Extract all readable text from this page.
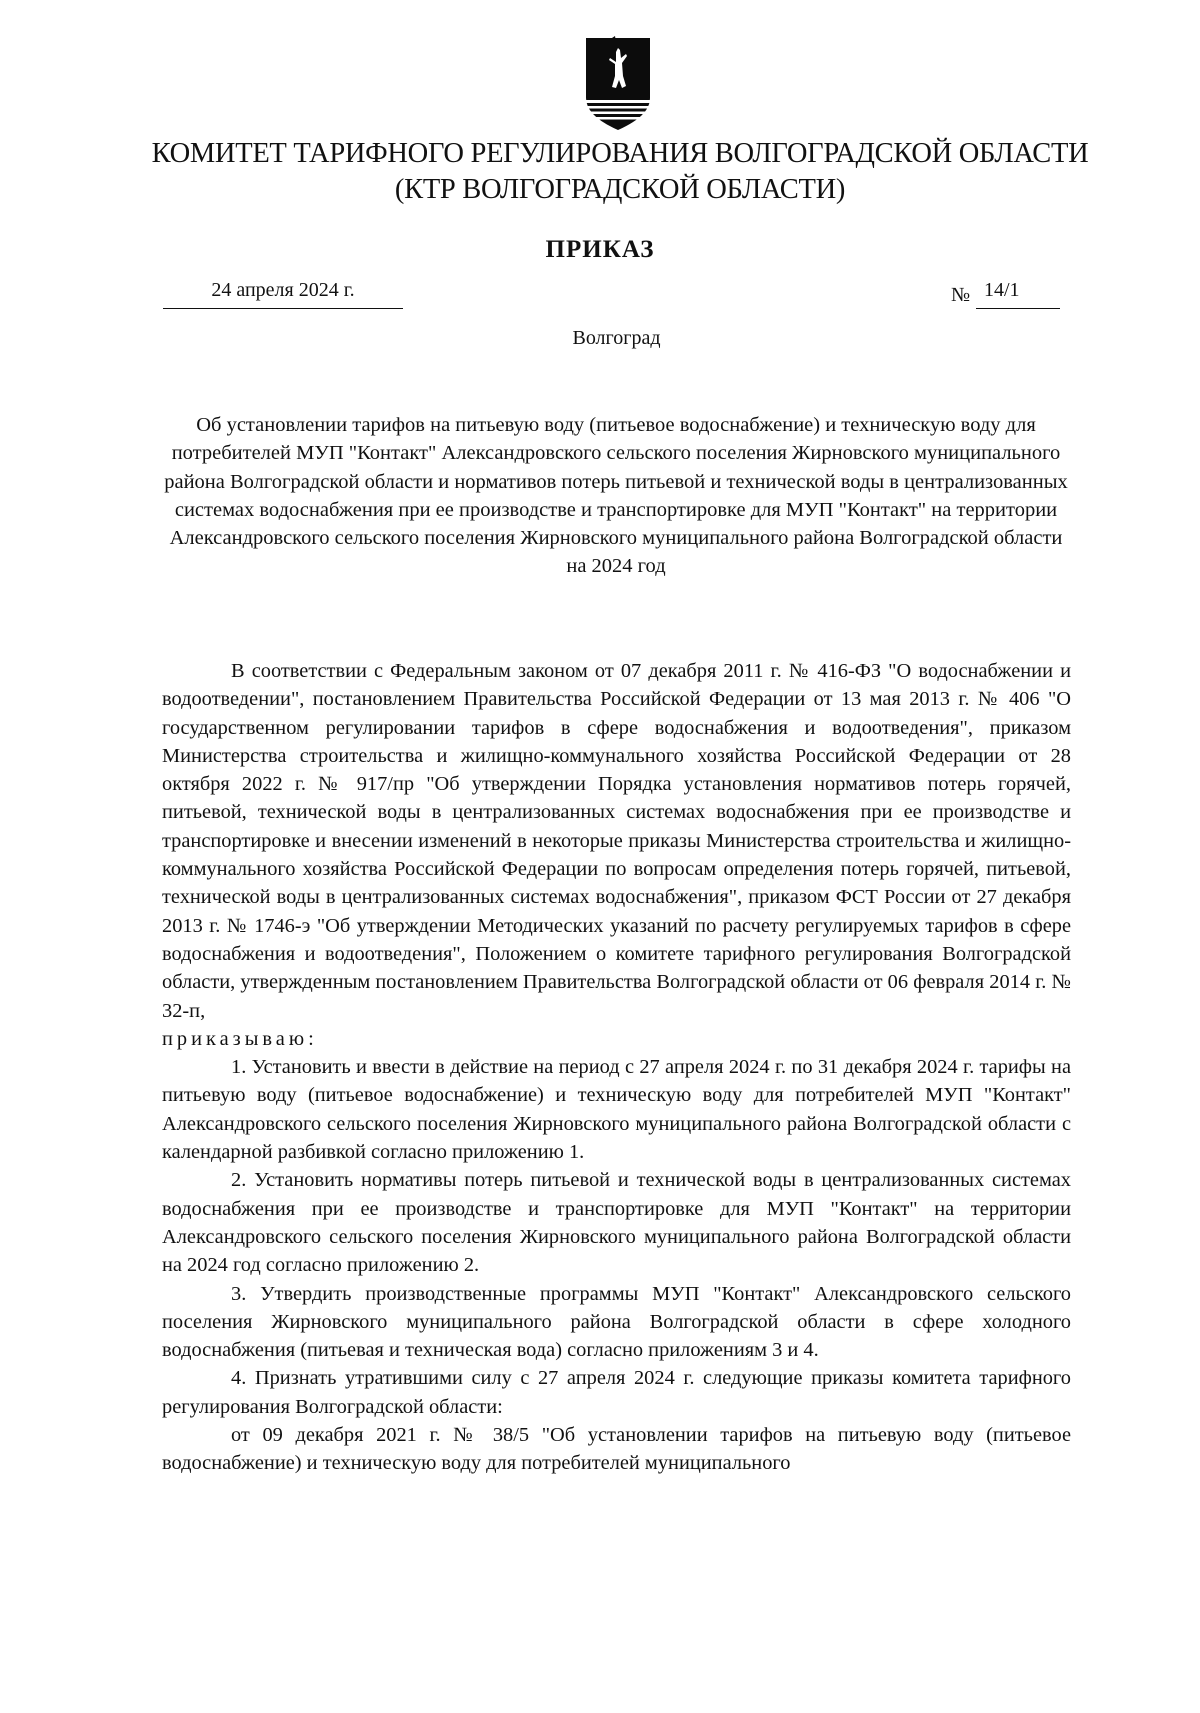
КОМИТЕТ ТАРИФНОГО РЕГУЛИРОВАНИЯ ВОЛГОГРАДСКОЙ ОБЛАСТИ
(КТР ВОЛГОГРАДСКОЙ ОБЛАСТИ)
ПРИКАЗ
24 апреля 2024 г.	№ 14/1
Волгоград
Об установлении тарифов на питьевую воду (питьевое водоснабжение) и техническую воду для потребителей МУП "Контакт" Александровского сельского поселения Жирновского муниципального района Волгоградской области и нормативов потерь питьевой и технической воды в централизованных системах водоснабжения при ее производстве и транспортировке для МУП "Контакт" на территории Александровского сельского поселения Жирновского муниципального района Волгоградской области на 2024 год

В соответствии с Федеральным законом от 07 декабря 2011 г. № 416-ФЗ "О водоснабжении и водоотведении", постановлением Правительства Российской Федерации от 13 мая 2013 г. № 406 "О государственном регулировании тарифов в сфере водоснабжения и водоотведения", приказом Министерства строительства и жилищно-коммунального хозяйства Российской Федерации от 28 октября 2022 г. № 917/пр "Об утверждении Порядка установления нормативов потерь горячей, питьевой, технической воды в централизованных системах водоснабжения при ее производстве и транспортировке и внесении изменений в некоторые приказы Министерства строительства и жилищно-коммунального хозяйства Российской Федерации по вопросам определения потерь горячей, питьевой, технической воды в централизованных системах водоснабжения", приказом ФСТ России от 27 декабря 2013 г. № 1746-э "Об утверждении Методических указаний по расчету регулируемых тарифов в сфере водоснабжения и водоотведения", Положением о комитете тарифного регулирования Волгоградской области, утвержденным постановлением Правительства Волгоградской области от 06 февраля 2014 г. № 32-п,

приказываю:

1. Установить и ввести в действие на период с 27 апреля 2024 г. по 31 декабря 2024 г. тарифы на питьевую воду (питьевое водоснабжение) и техническую воду для потребителей МУП "Контакт" Александровского сельского поселения Жирновского муниципального района Волгоградской области с календарной разбивкой согласно приложению 1.

2. Установить нормативы потерь питьевой и технической воды в централизованных системах водоснабжения при ее производстве и транспортировке для МУП "Контакт" на территории Александровского сельского поселения Жирновского муниципального района Волгоградской области на 2024 год согласно приложению 2.

3. Утвердить производственные программы МУП "Контакт" Александровского сельского поселения Жирновского муниципального района Волгоградской области в сфере холодного водоснабжения (питьевая и техническая вода) согласно приложениям 3 и 4.

4. Признать утратившими силу с 27 апреля 2024 г. следующие приказы комитета тарифного регулирования Волгоградской области:

от 09 декабря 2021 г. № 38/5 "Об установлении тарифов на питьевую воду (питьевое водоснабжение) и техническую воду для потребителей муниципального
